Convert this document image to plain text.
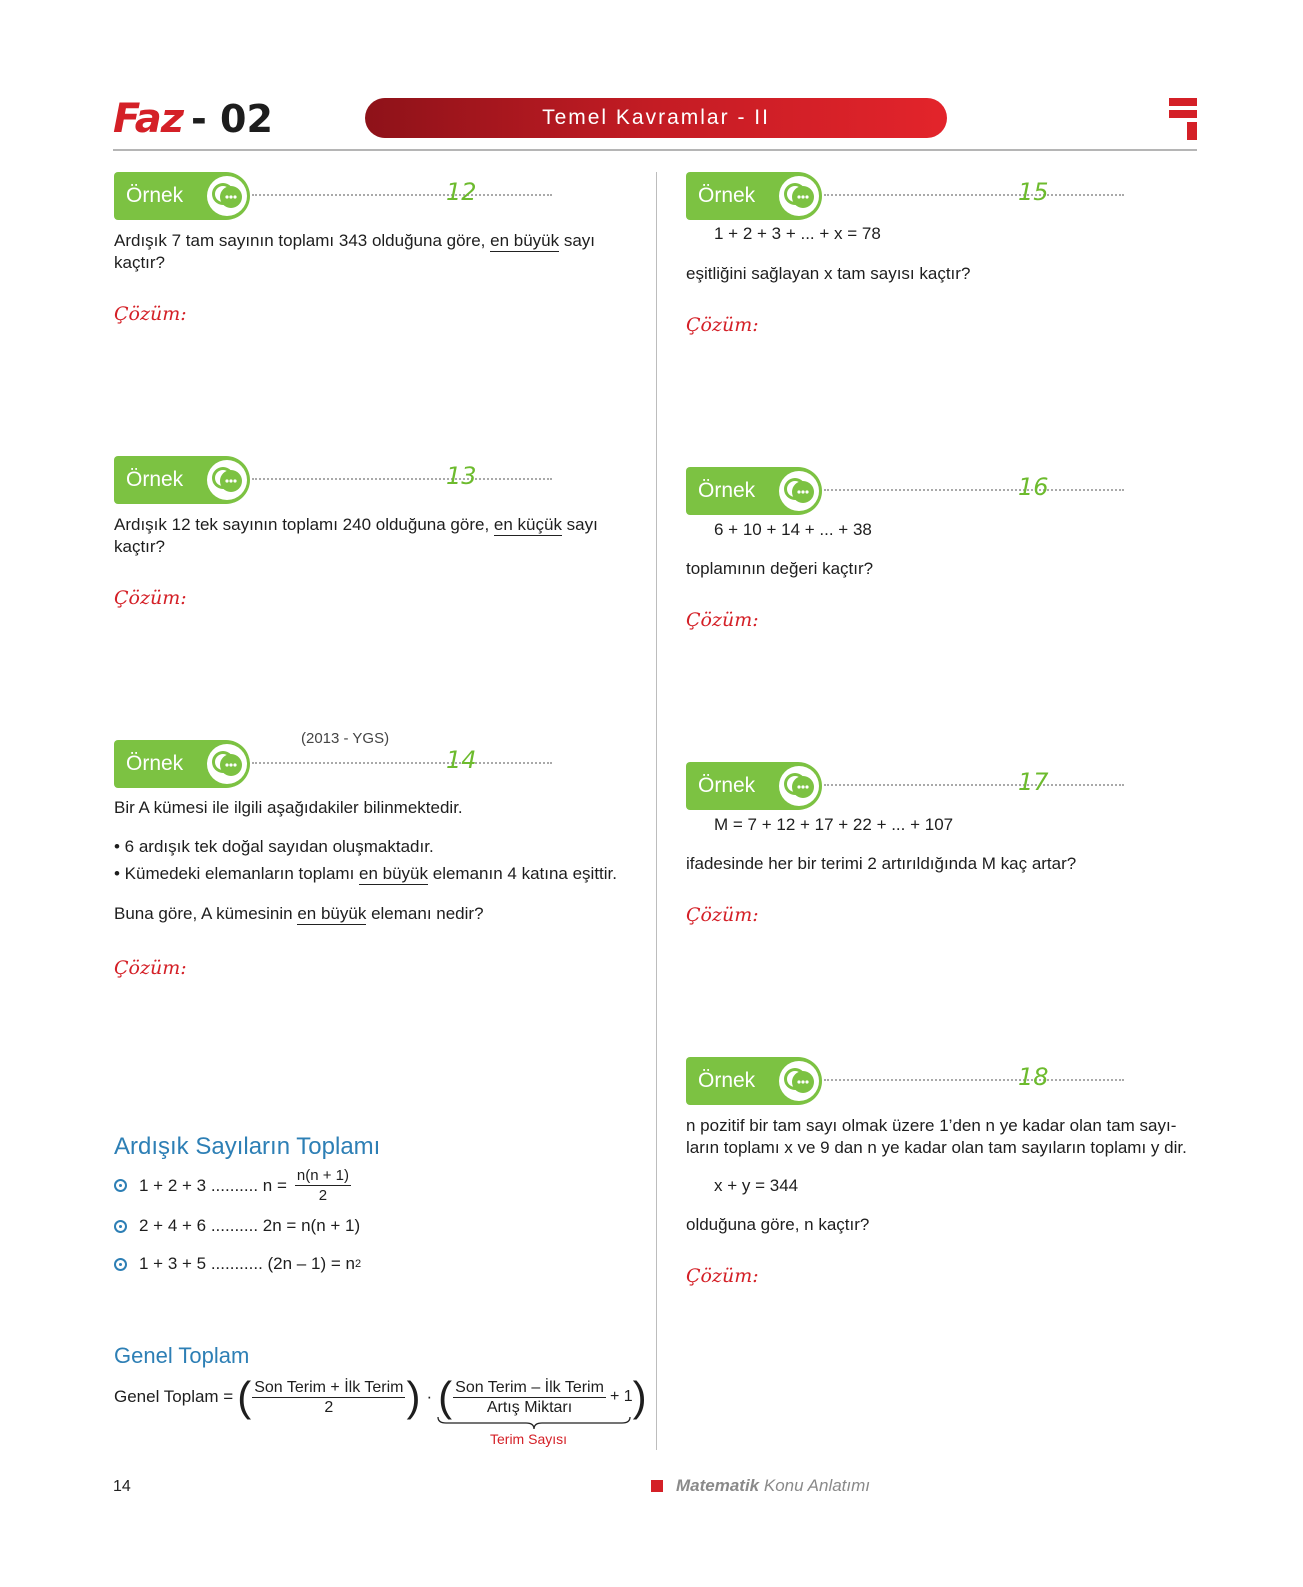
Faz - 02	Temel Kavramlar - II
Örnek	12
Ardışık 7 tam sayının toplamı 343 olduğuna göre, en büyük sayı kaçtır?
Çözüm:
Örnek	13
Ardışık 12 tek sayının toplamı 240 olduğuna göre, en küçük sayı kaçtır?
Çözüm:
Örnek
(2013 - YGS)
14
Bir A kümesi ile ilgili aşağıdakiler bilinmektedir.
• 6 ardışık tek doğal sayıdan oluşmaktadır.
• Kümedeki elemanların toplamı en büyük elemanın 4 katına eşittir.
Buna göre, A kümesinin en büyük elemanı nedir?
Çözüm:
Ardışık Sayıların Toplamı
1 + 2 + 3 .......... $n = \frac{n(n + 1)}{2}$
2 + 4 + 6 .......... 2n = n(n + 1)
1 + 3 + 5 ........... (2n – 1) = n 2
Genel Toplam
Genel Toplam = ( $\frac{\text{Son Terim + İlk Terim}}{2}$ ) · ( $\frac{\text{Son Terim – İlk Terim}}{\text{Artış Miktarı}} + 1$ )
Terim Sayısı
Örnek	15
1 + 2 + 3 + ... + x = 78
eşitliğini sağlayan x tam sayısı kaçtır?
Çözüm:
Örnek	16
6 + 10 + 14 + ... + 38
toplamının değeri kaçtır?
Çözüm:
Örnek	17
M = 7 + 12 + 17 + 22 + ... + 107
ifadesinde her bir terimi 2 artırıldığında M kaç artar?
Çözüm:
Örnek	18
n pozitif bir tam sayı olmak üzere 1’den n ye kadar olan tam sayı-
ların toplamı x ve 9 dan n ye kadar olan tam sayıların toplamı y dir.
x + y = 344
olduğuna göre, n kaçtır?
Çözüm:
14	Matematik Konu Anlatımı
